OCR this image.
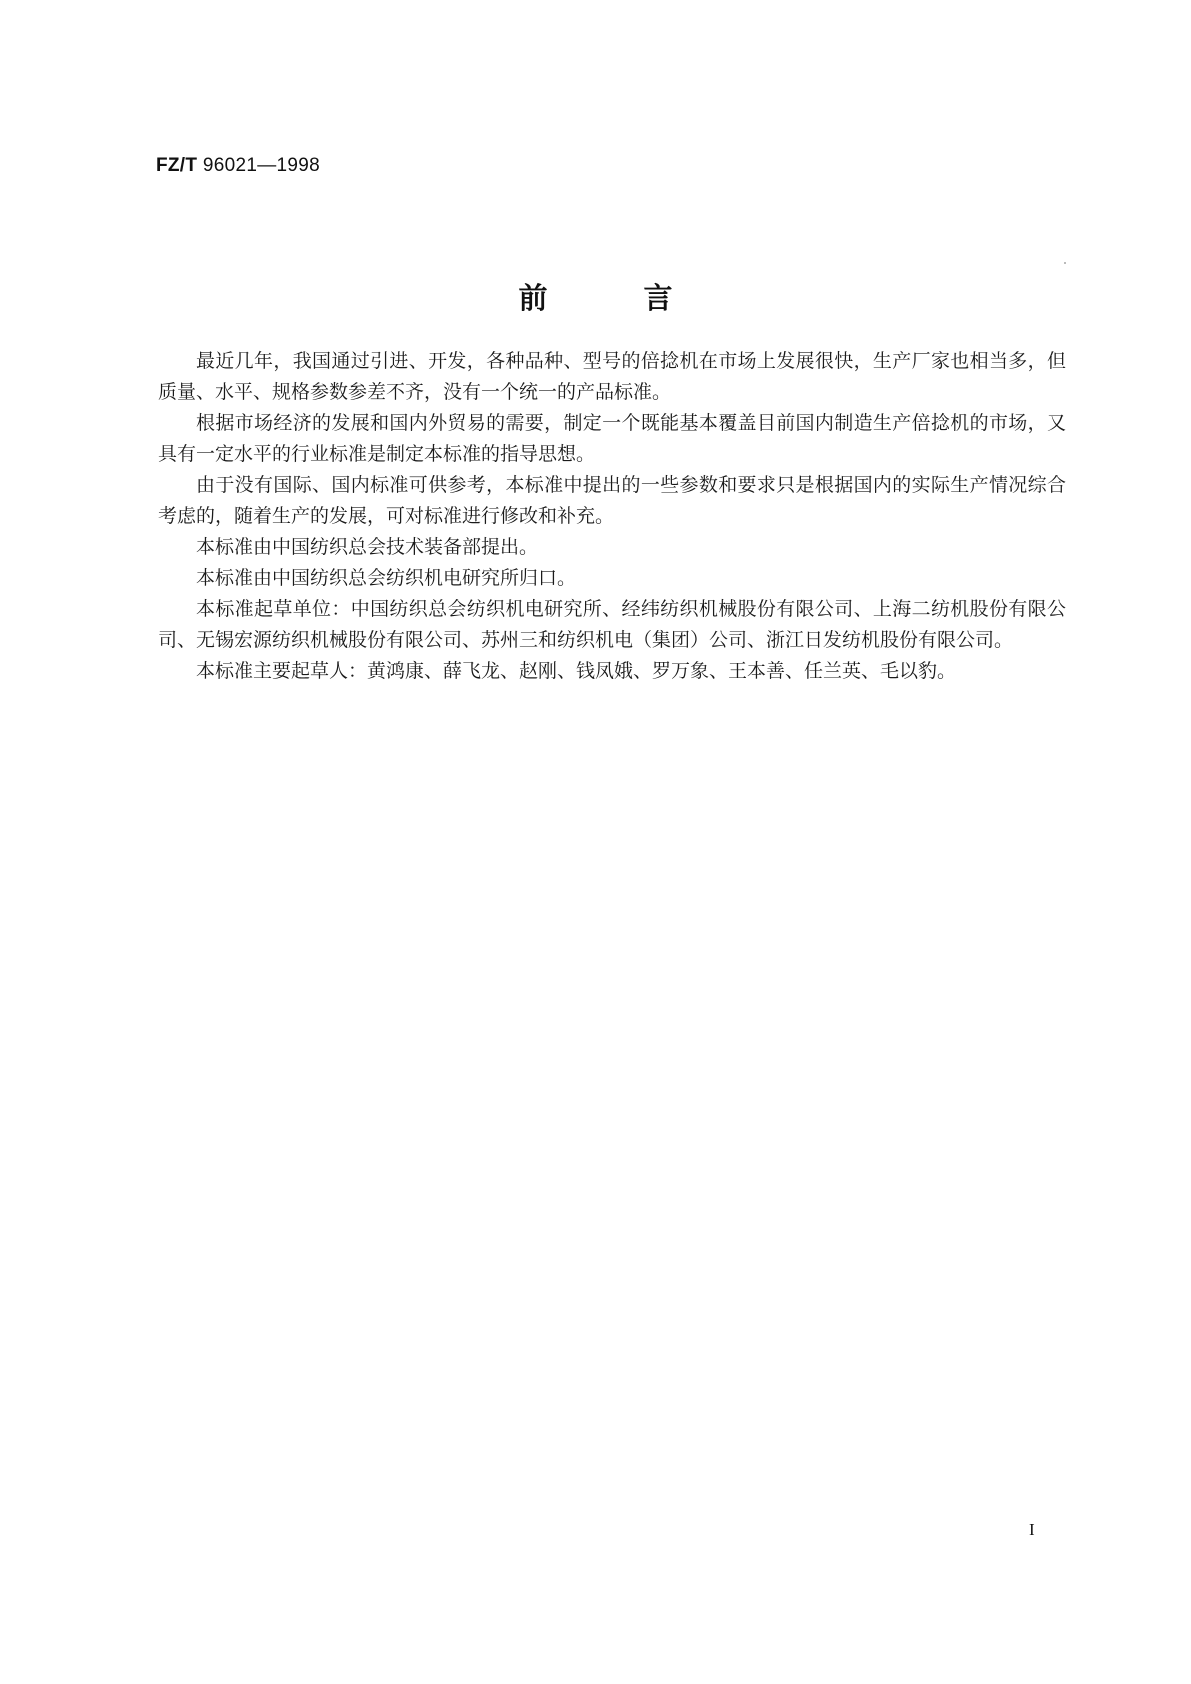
FZ/T 96021—1998
前言

最近几年，我国通过引进、开发，各种品种、型号的倍捻机在市场上发展很快，生产厂家也相当多，但质量、水平、规格参数参差不齐，没有一个统一的产品标准。

根据市场经济的发展和国内外贸易的需要，制定一个既能基本覆盖目前国内制造生产倍捻机的市场，又具有一定水平的行业标准是制定本标准的指导思想。

由于没有国际、国内标准可供参考，本标准中提出的一些参数和要求只是根据国内的实际生产情况综合考虑的，随着生产的发展，可对标准进行修改和补充。

本标准由中国纺织总会技术装备部提出。

本标准由中国纺织总会纺织机电研究所归口。

本标准起草单位：中国纺织总会纺织机电研究所、经纬纺织机械股份有限公司、上海二纺机股份有限公司、无锡宏源纺织机械股份有限公司、苏州三和纺织机电（集团）公司、浙江日发纺机股份有限公司。

本标准主要起草人：黄鸿康、薛飞龙、赵刚、钱凤娥、罗万象、王本善、任兰英、毛以豹。

I
